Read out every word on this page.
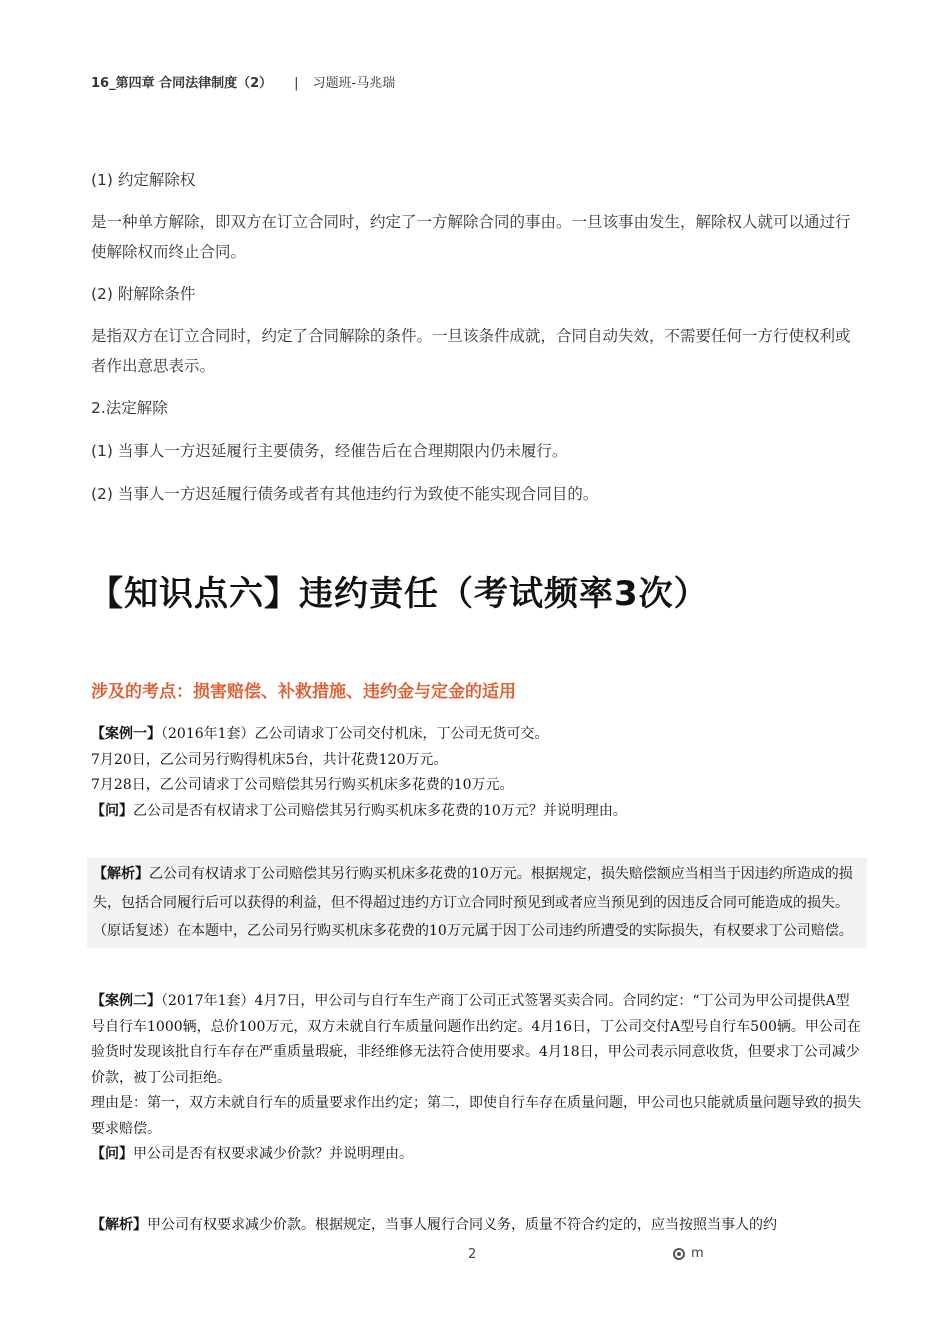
16_第四章 合同法律制度（2） | 习题班-马兆瑞
(1) 约定解除权
是一种单方解除，即双方在订立合同时，约定了一方解除合同的事由。一旦该事由发生，解除权人就可以通过行使解除权而终止合同。
(2) 附解除条件
是指双方在订立合同时，约定了合同解除的条件。一旦该条件成就，合同自动失效，不需要任何一方行使权利或者作出意思表示。
2.法定解除
(1) 当事人一方迟延履行主要债务，经催告后在合理期限内仍未履行。
(2) 当事人一方迟延履行债务或者有其他违约行为致使不能实现合同目的。
【知识点六】违约责任（考试频率3次）
涉及的考点：损害赔偿、补救措施、违约金与定金的适用
【案例一】（2016年1套）乙公司请求丁公司交付机床，丁公司无货可交。
7月20日，乙公司另行购得机床5台，共计花费120万元。
7月28日，乙公司请求丁公司赔偿其另行购买机床多花费的10万元。
【问】乙公司是否有权请求丁公司赔偿其另行购买机床多花费的10万元？并说明理由。
【解析】乙公司有权请求丁公司赔偿其另行购买机床多花费的10万元。根据规定，损失赔偿额应当相当于因违约所造成的损失，包括合同履行后可以获得的利益，但不得超过违约方订立合同时预见到或者应当预见到的因违反合同可能造成的损失。（原话复述）在本题中，乙公司另行购买机床多花费的10万元属于因丁公司违约所遭受的实际损失，有权要求丁公司赔偿。
【案例二】（2017年1套）4月7日，甲公司与自行车生产商丁公司正式签署买卖合同。合同约定：“丁公司为甲公司提供A型号自行车1000辆，总价100万元，双方未就自行车质量问题作出约定。4月16日，丁公司交付A型号自行车500辆。甲公司在验货时发现该批自行车存在严重质量瑕疵，非经维修无法符合使用要求。4月18日，甲公司表示同意收货，但要求丁公司减少价款，被丁公司拒绝。
理由是：第一，双方未就自行车的质量要求作出约定；第二，即使自行车存在质量问题，甲公司也只能就质量问题导致的损失要求赔偿。
【问】甲公司是否有权要求减少价款？并说明理由。
【解析】甲公司有权要求减少价款。根据规定，当事人履行合同义务，质量不符合约定的，应当按照当事人的约
2	m
